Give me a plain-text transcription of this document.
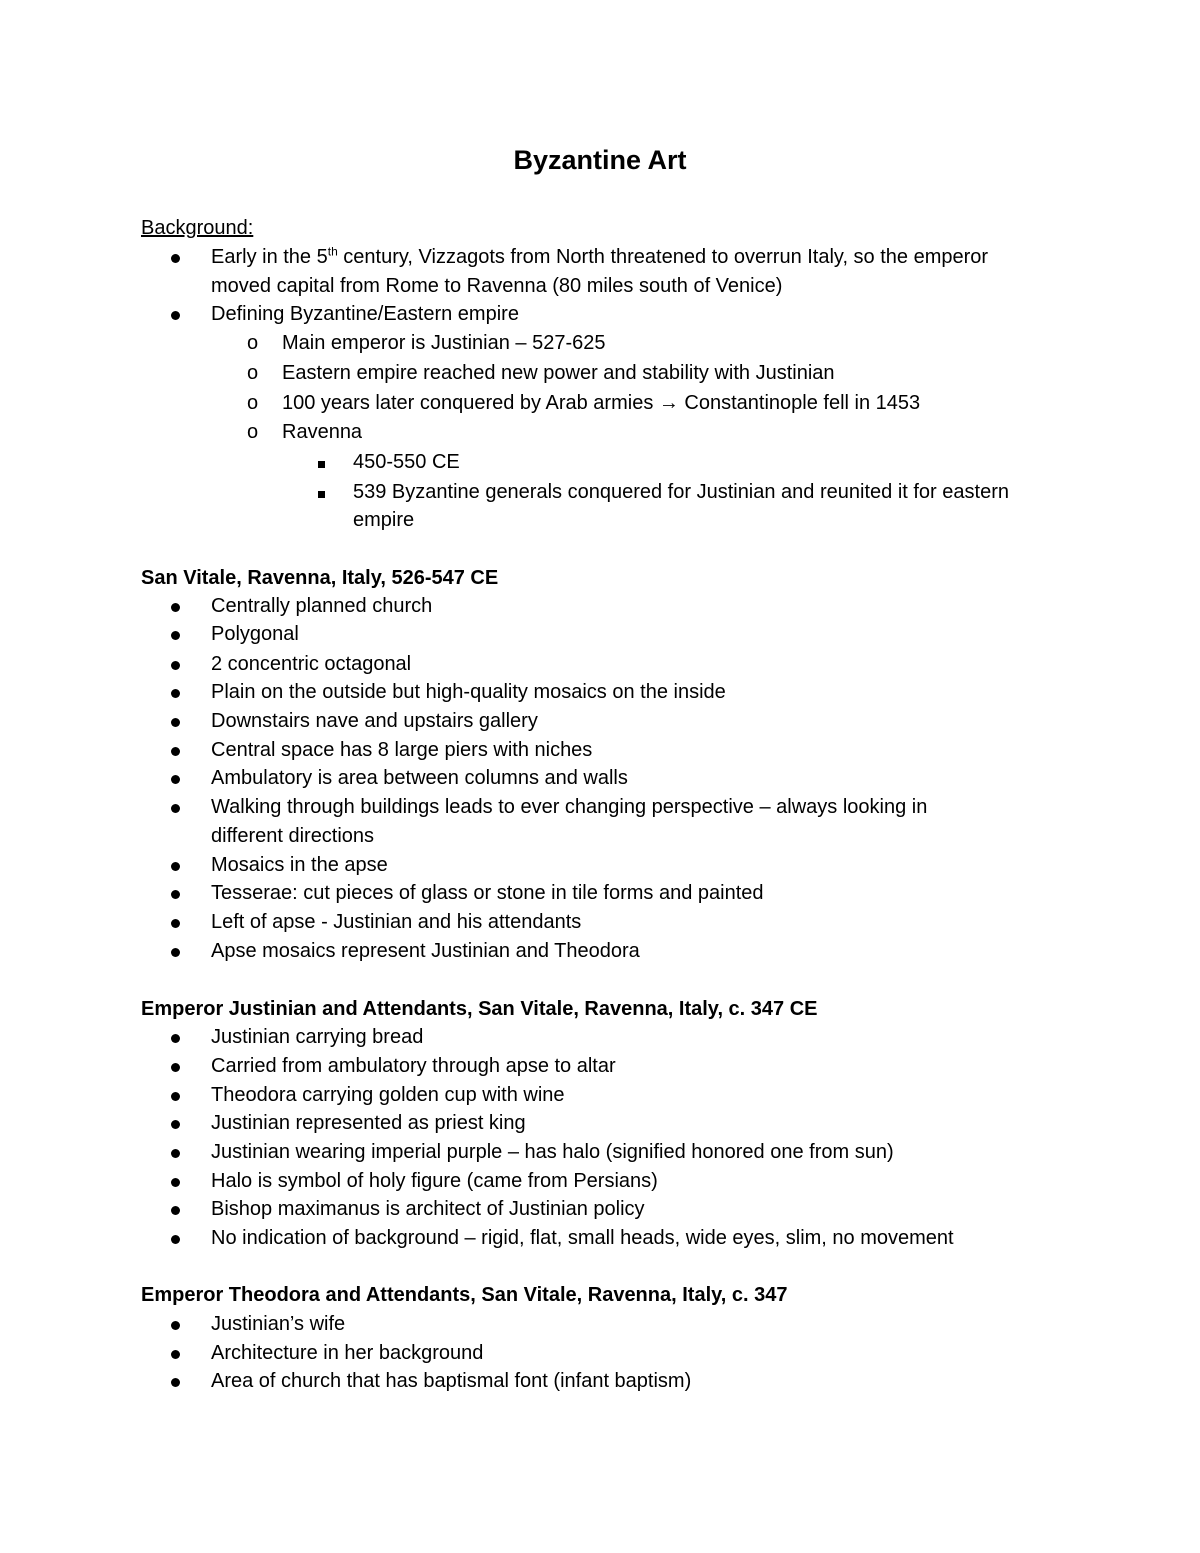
Byzantine Art
Background:
Early in the 5th century, Vizzagots from North threatened to overrun Italy, so the emperor
moved capital from Rome to Ravenna (80 miles south of Venice)
Defining Byzantine/Eastern empire
o Main emperor is Justinian – 527-625
o Eastern empire reached new power and stability with Justinian
o 100 years later conquered by Arab armies → Constantinople fell in 1453
o Ravenna
450-550 CE
539 Byzantine generals conquered for Justinian and reunited it for eastern
empire
San Vitale, Ravenna, Italy, 526-547 CE
Centrally planned church
Polygonal
2 concentric octagonal
Plain on the outside but high-quality mosaics on the inside
Downstairs nave and upstairs gallery
Central space has 8 large piers with niches
Ambulatory is area between columns and walls
Walking through buildings leads to ever changing perspective – always looking in
different directions
Mosaics in the apse
Tesserae: cut pieces of glass or stone in tile forms and painted
Left of apse - Justinian and his attendants
Apse mosaics represent Justinian and Theodora
Emperor Justinian and Attendants, San Vitale, Ravenna, Italy, c. 347 CE
Justinian carrying bread
Carried from ambulatory through apse to altar
Theodora carrying golden cup with wine
Justinian represented as priest king
Justinian wearing imperial purple – has halo (signified honored one from sun)
Halo is symbol of holy figure (came from Persians)
Bishop maximanus is architect of Justinian policy
No indication of background – rigid, flat, small heads, wide eyes, slim, no movement
Emperor Theodora and Attendants, San Vitale, Ravenna, Italy, c. 347
Justinian’s wife
Architecture in her background
Area of church that has baptismal font (infant baptism)
